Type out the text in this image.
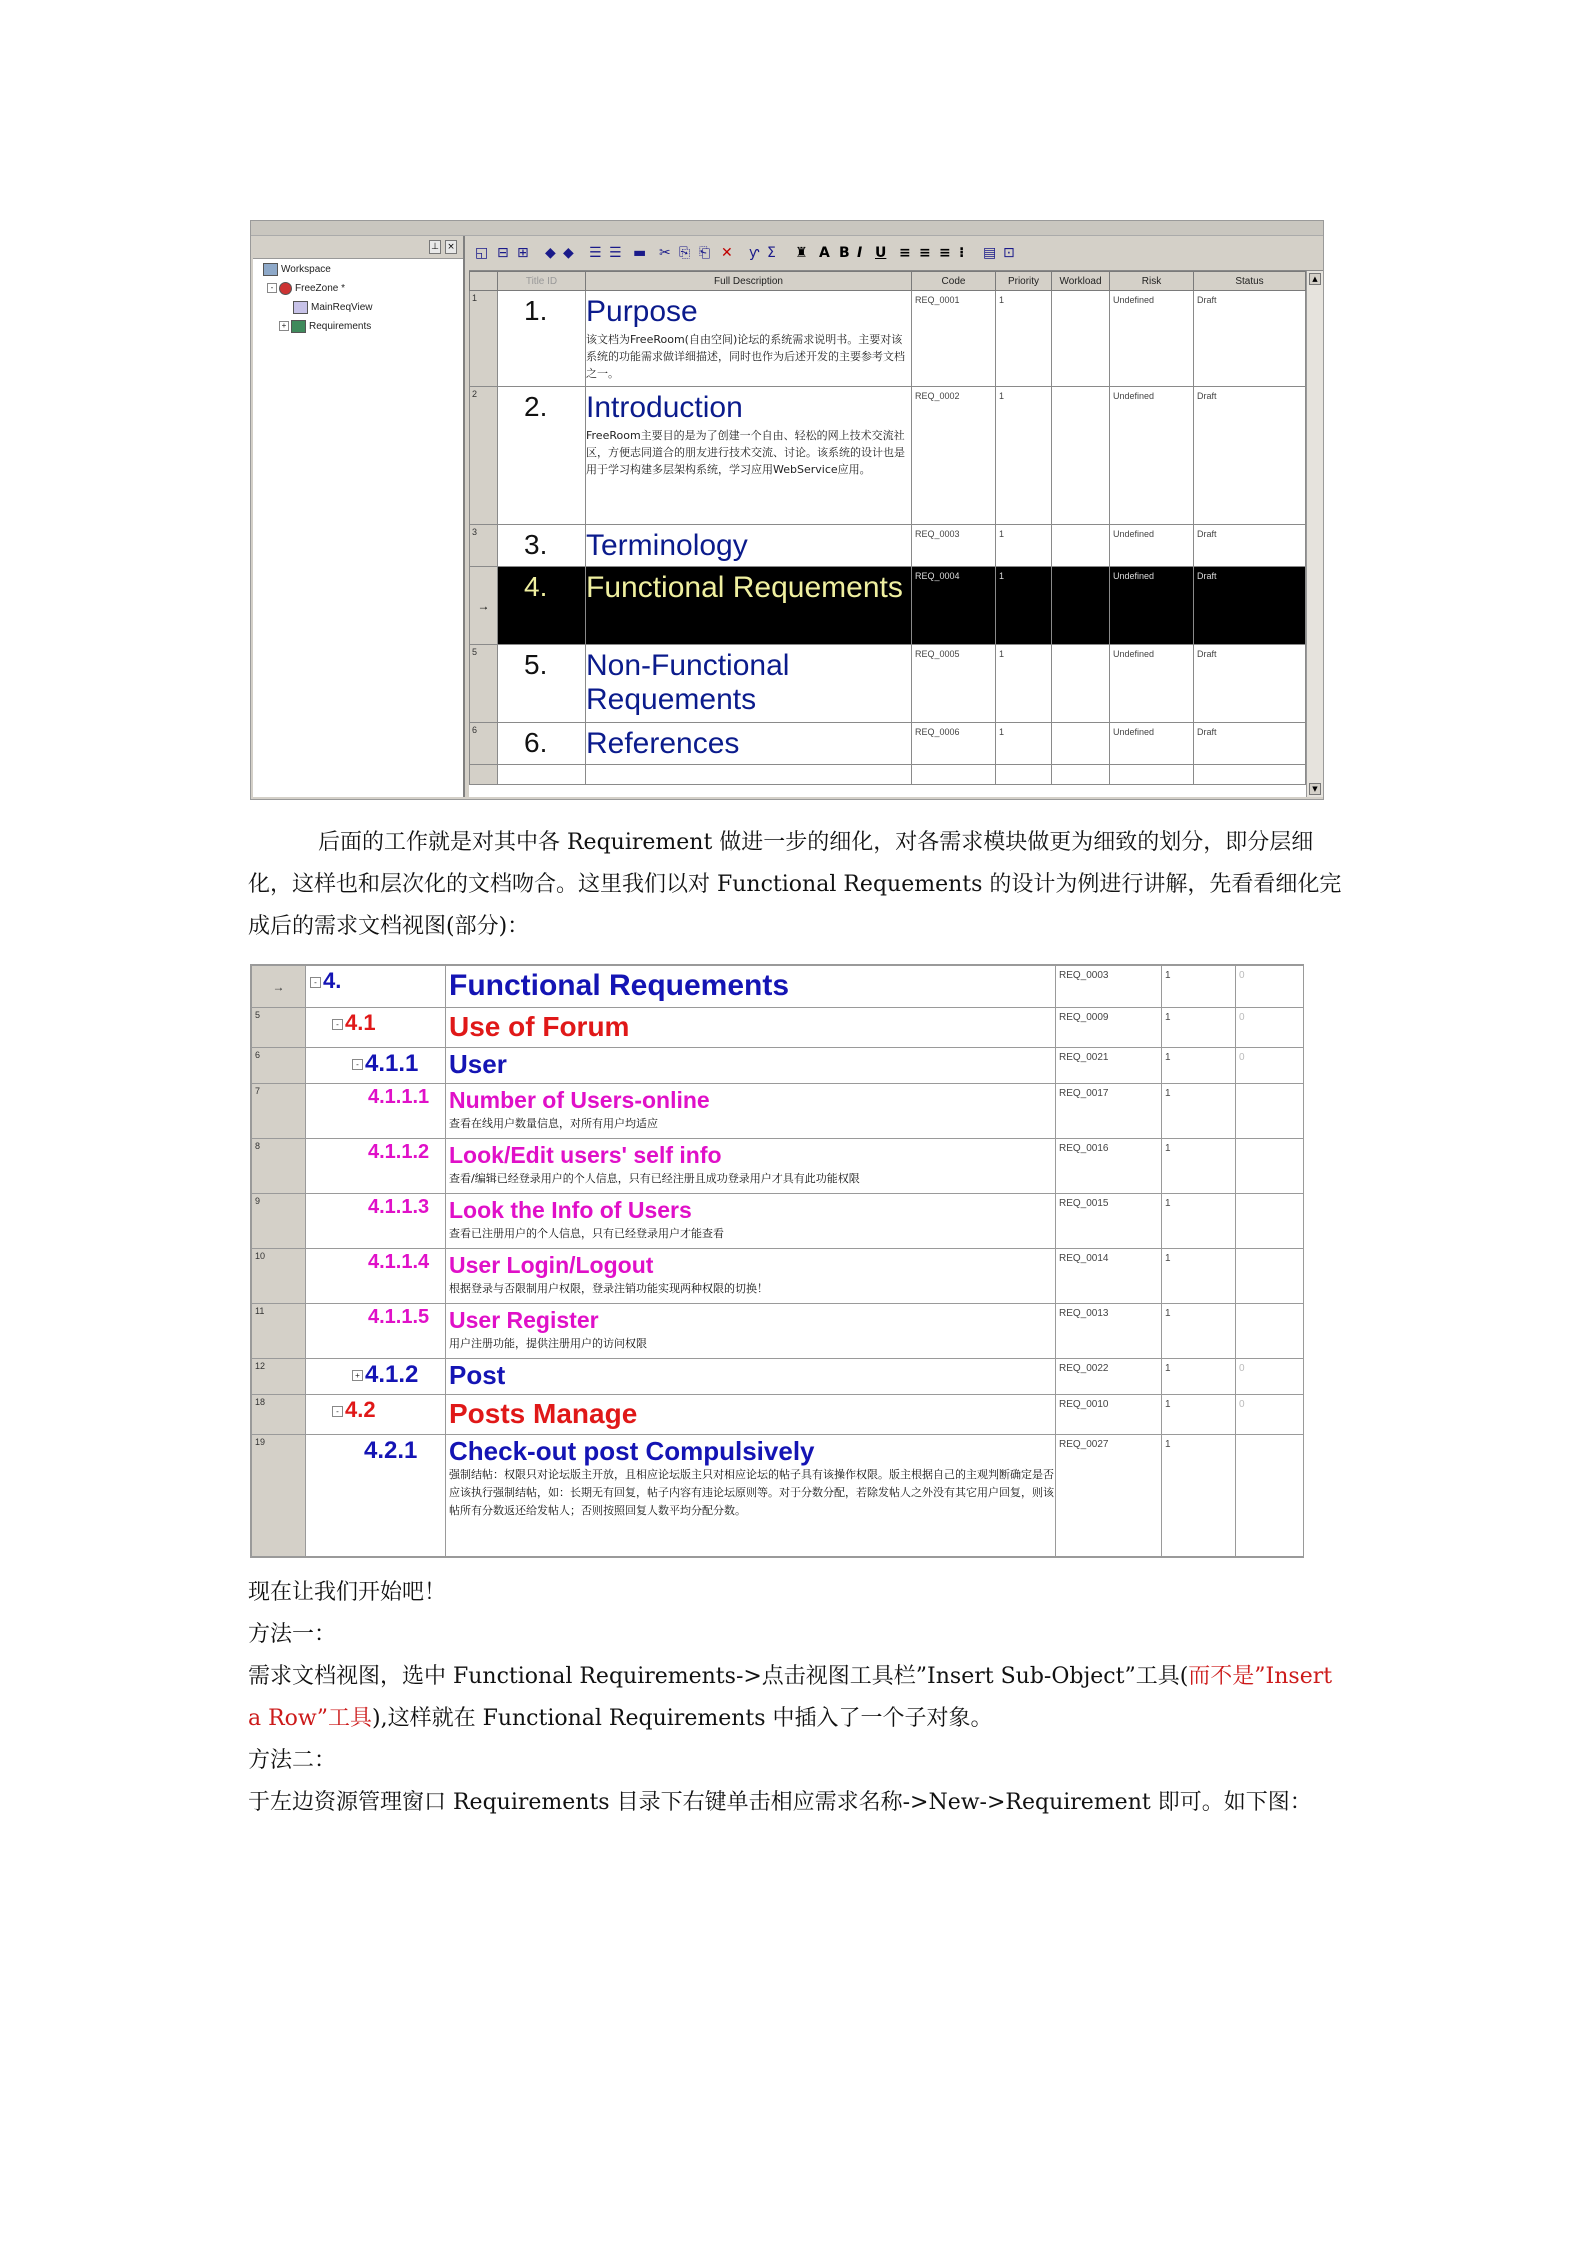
⊥ ×
Workspace
- FreeZone *
MainReqView
+ Requirements
◱ ⊟ ⊞ ◆ ◆ ☰ ☰ ▬ ✂ ⎘ ⎗ ✕ ƴ Σ ♜ A B I U ≡ ≡ ≡ ⁝ ▤ ⊡
	Title ID	Full Description	Code	Priority	Workload	Risk	Status
1		1. Purpose
该文档为FreeRoom(自由空间)论坛的系统需求说明书。主要对该系统的功能需求做详细描述，同时也作为后述开发的主要参考文档之一。	REQ_0001	1		Undefined	Draft
2		2. Introduction
FreeRoom主要目的是为了创建一个自由、轻松的网上技术交流社区，方便志同道合的朋友进行技术交流、讨论。该系统的设计也是用于学习构建多层架构系统，学习应用WebService应用。	REQ_0002	1		Undefined	Draft
3		3. Terminology	REQ_0003	1		Undefined	Draft
→		4. Functional Requements	REQ_0004	1		Undefined	Draft
5		5. Non-Functional Requements	REQ_0005	1		Undefined	Draft
6		6. References	REQ_0006	1		Undefined	Draft

▲
▼
后面的工作就是对其中各 Requirement 做进一步的细化，对各需求模块做更为细致的划分，即分层细化，这样也和层次化的文档吻合。这里我们以对 Functional Requements 的设计为例进行讲解，先看看细化完成后的需求文档视图(部分)：
→	- 4.	Functional Requements	REQ_0003	1	0
5	- 4.1	Use of Forum	REQ_0009	1	0
6	- 4.1.1	User	REQ_0021	1	0
7	4.1.1.1	Number of Users-online
查看在线用户数量信息，对所有用户均适应	REQ_0017	1	
8	4.1.1.2	Look/Edit users' self info
查看/编辑已经登录用户的个人信息，只有已经注册且成功登录用户才具有此功能权限	REQ_0016	1	
9	4.1.1.3	Look the Info of Users
查看已注册用户的个人信息，只有已经登录用户才能查看	REQ_0015	1	
10	4.1.1.4	User Login/Logout
根据登录与否限制用户权限，登录注销功能实现两种权限的切换！	REQ_0014	1	
11	4.1.1.5	User Register
用户注册功能，提供注册用户的访问权限	REQ_0013	1	
12	+ 4.1.2	Post	REQ_0022	1	0
18	- 4.2	Posts Manage	REQ_0010	1	0
19	4.2.1	Check-out post Compulsively
强制结帖：权限只对论坛版主开放，且相应论坛版主只对相应论坛的帖子具有该操作权限。版主根据自己的主观判断确定是否应该执行强制结帖，如：长期无有回复，帖子内容有违论坛原则等。对于分数分配，若除发帖人之外没有其它用户回复，则该帖所有分数返还给发帖人；否则按照回复人数平均分配分数。	REQ_0027	1	
现在让我们开始吧！
方法一：
需求文档视图，选中 Functional Requirements->点击视图工具栏”Insert Sub-Object”工具(而不是”Insert a Row”工具),这样就在 Functional Requirements 中插入了一个子对象。
方法二：
于左边资源管理窗口 Requirements 目录下右键单击相应需求名称->New->Requirement 即可。如下图：
